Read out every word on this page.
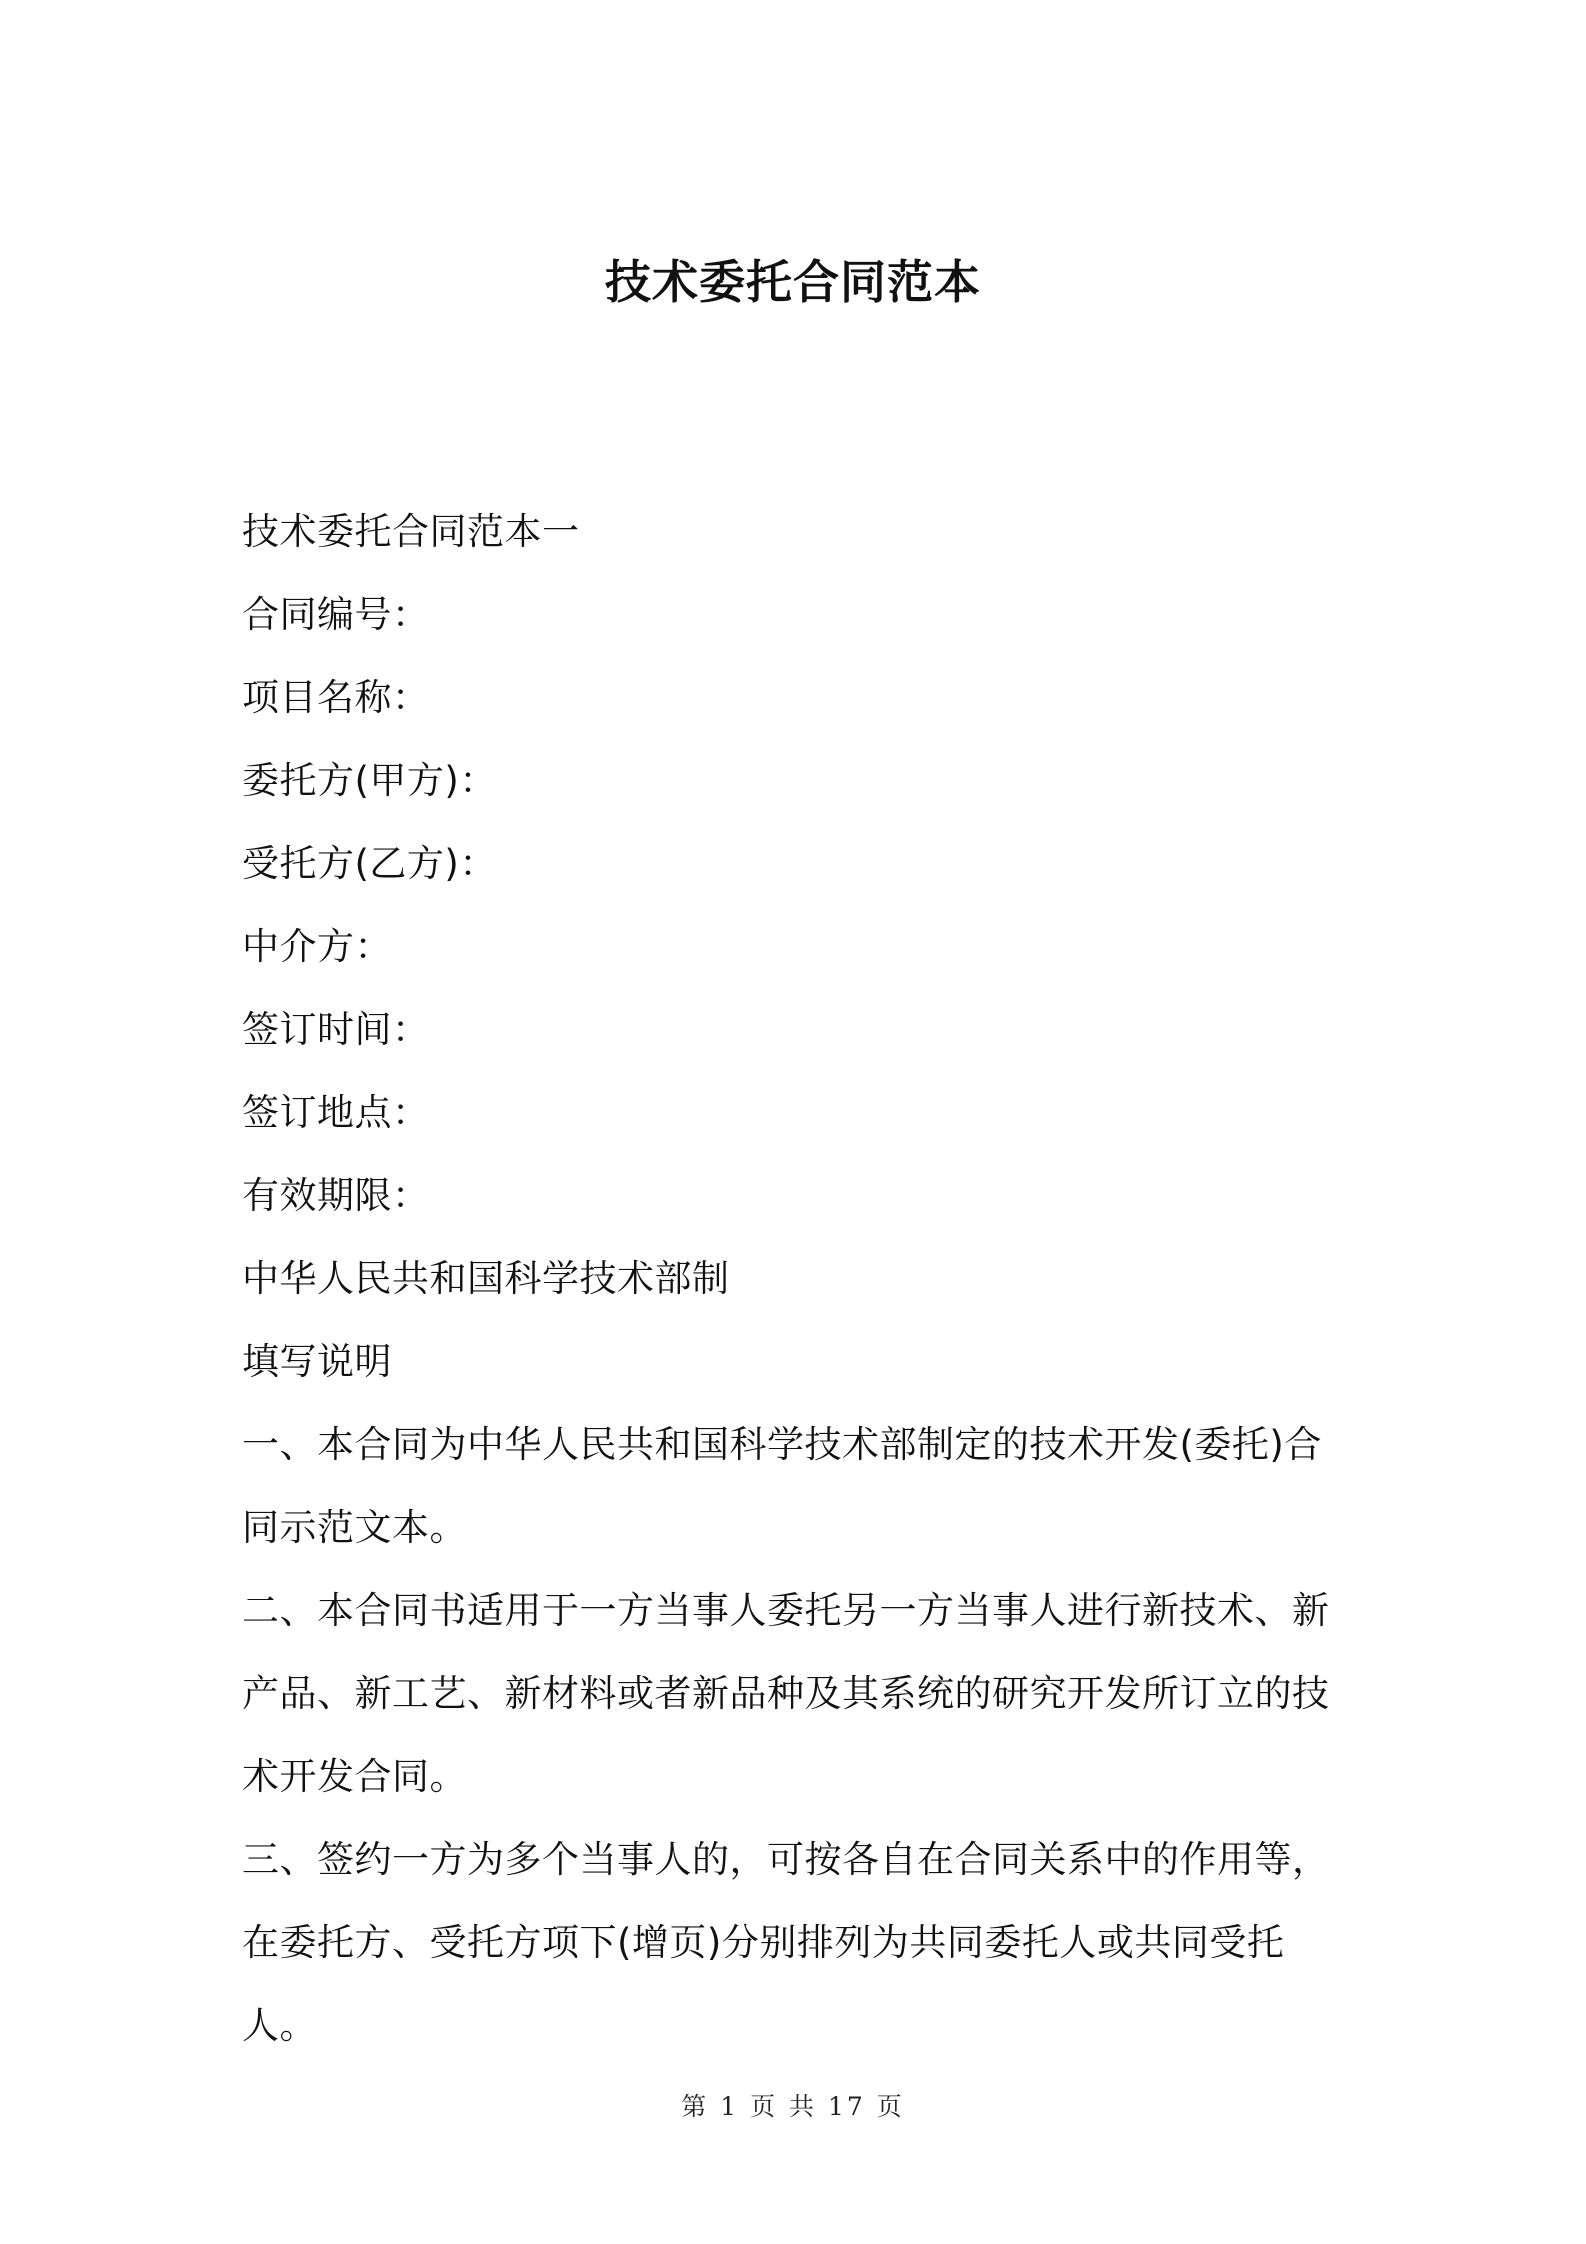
技术委托合同范本

技术委托合同范本一

合同编号：

项目名称：

委托方(甲方)：

受托方(乙方)：

中介方：

签订时间：

签订地点：

有效期限：

中华人民共和国科学技术部制

填写说明

一、本合同为中华人民共和国科学技术部制定的技术开发(委托)合同示范文本。

二、本合同书适用于一方当事人委托另一方当事人进行新技术、新产品、新工艺、新材料或者新品种及其系统的研究开发所订立的技术开发合同。

三、签约一方为多个当事人的，可按各自在合同关系中的作用等，在委托方、受托方项下(增页)分别排列为共同委托人或共同受托人。

第 1 页 共 17 页
